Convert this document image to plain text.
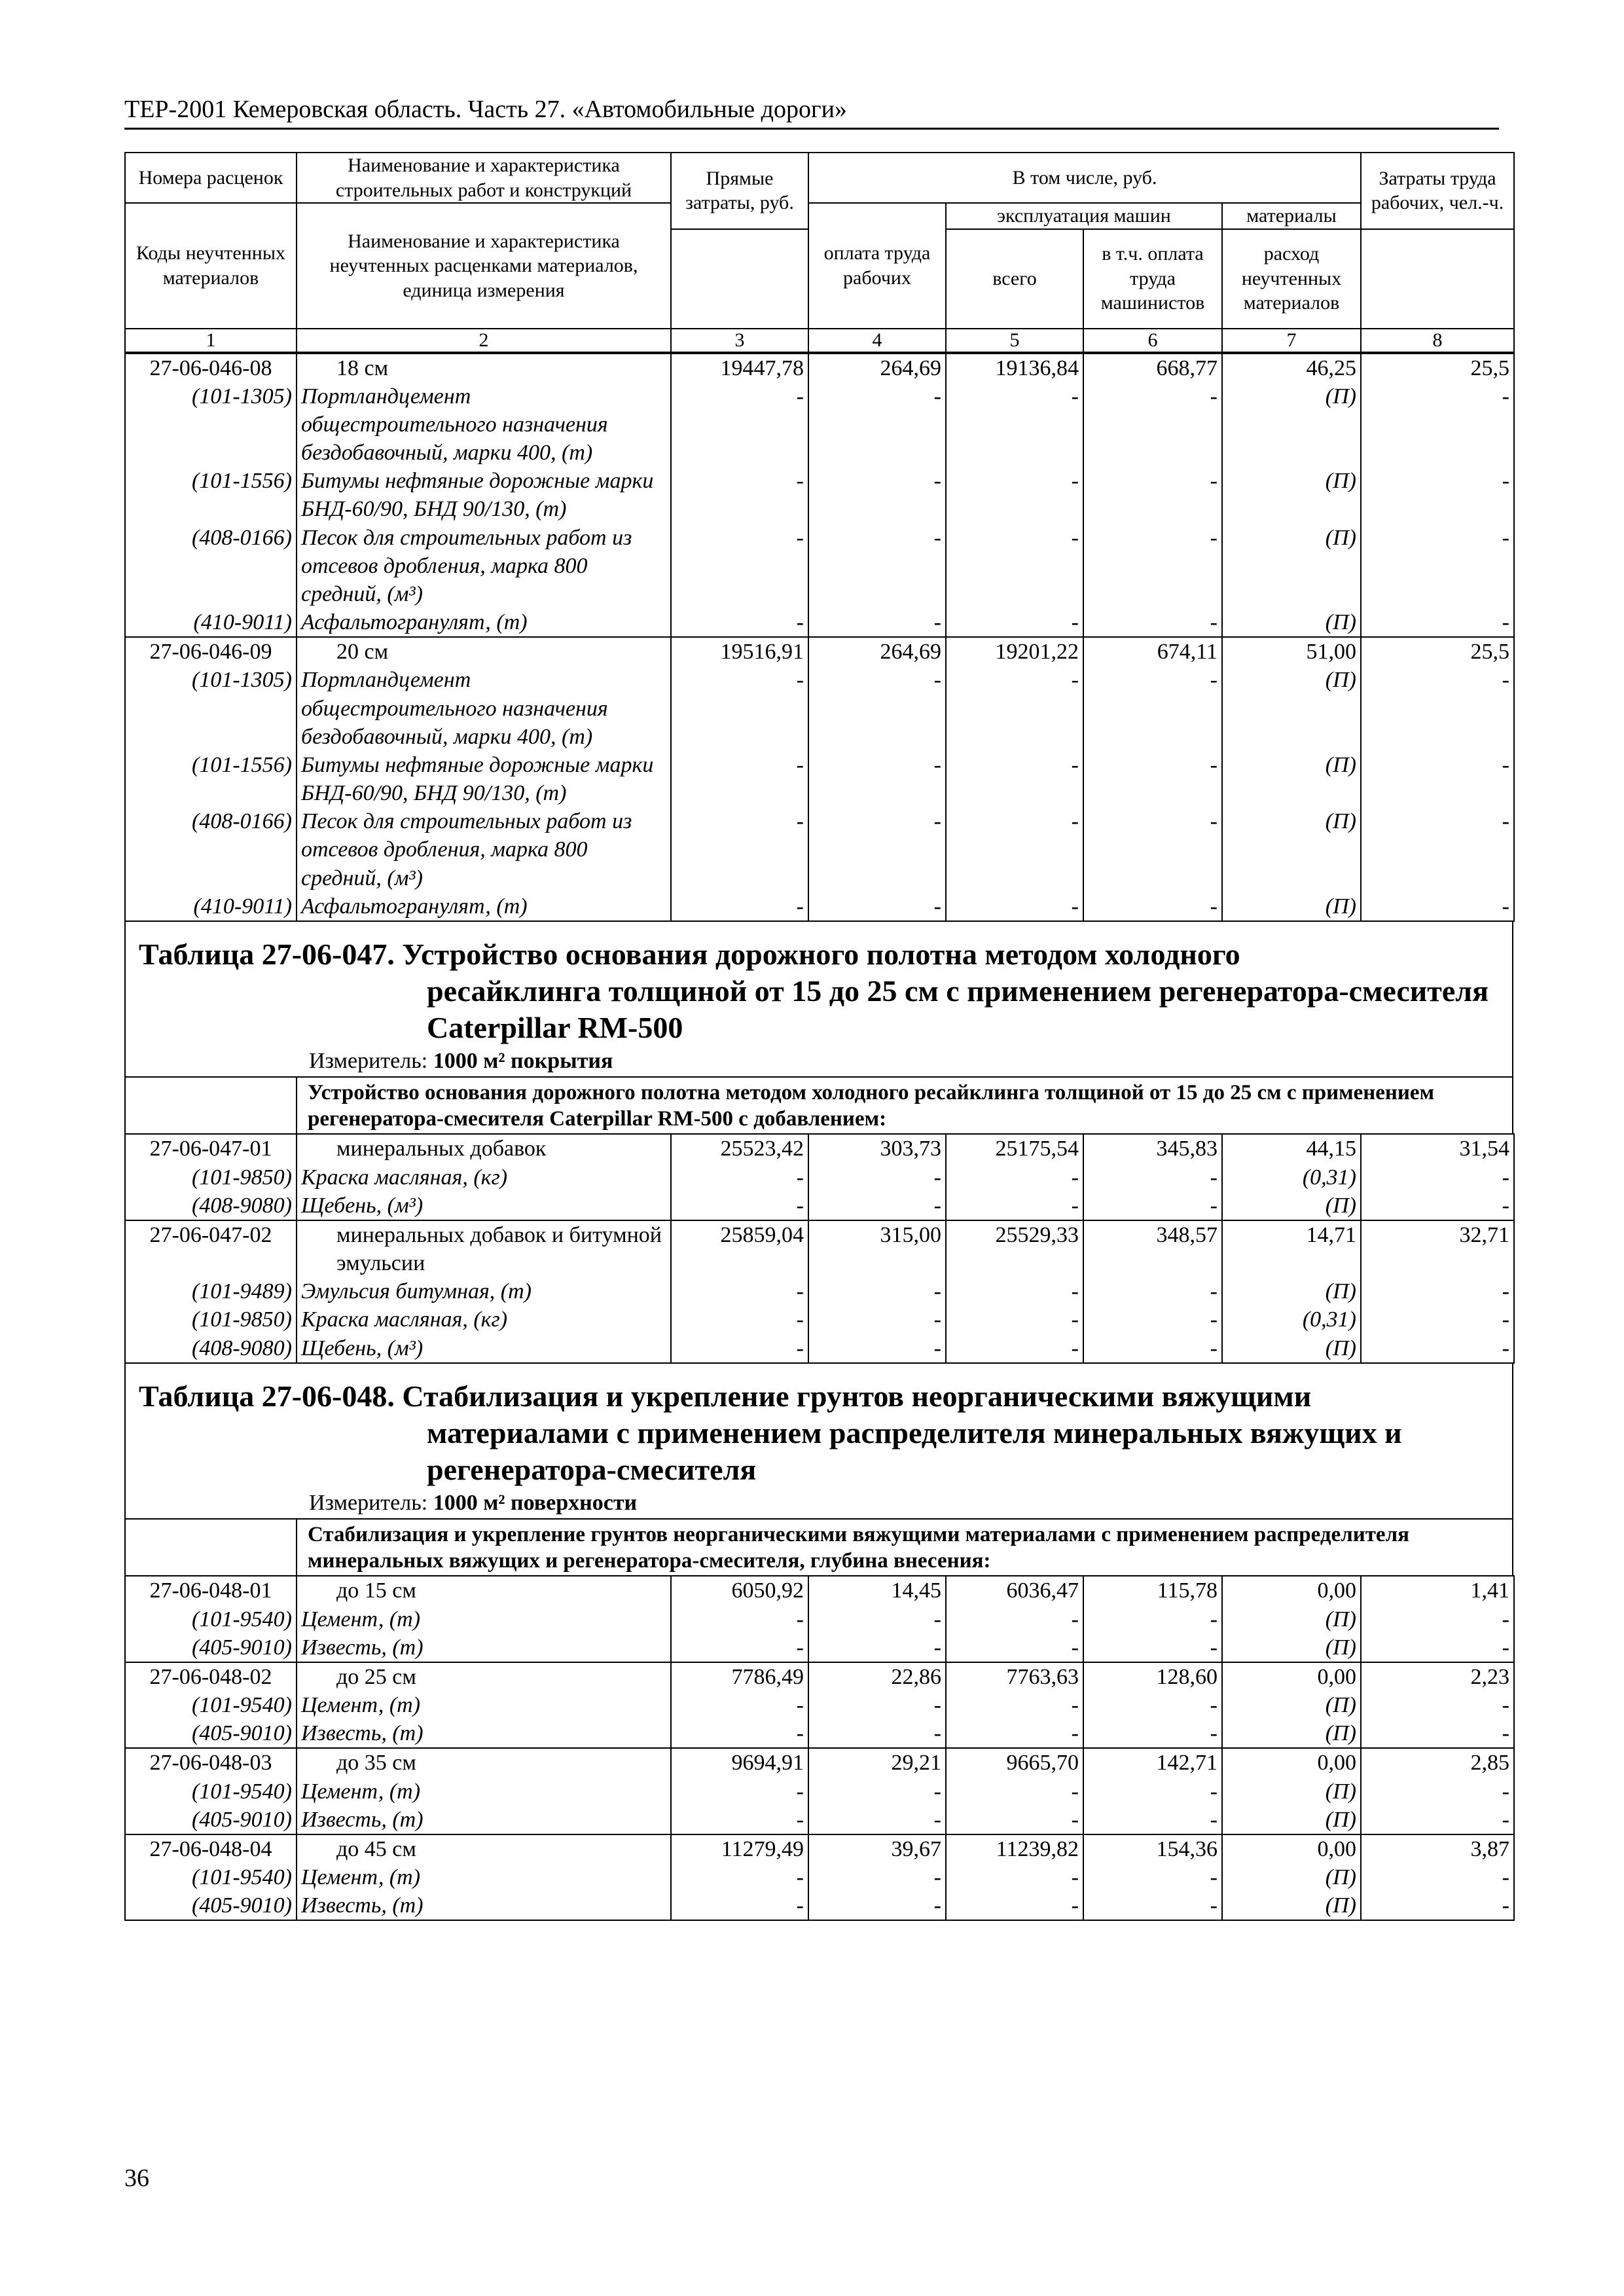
ТЕР-2001 Кемеровская область. Часть 27. «Автомобильные дороги»
Номера расценок	Наименование и характеристика строительных работ и конструкций	Прямые затраты, руб.	В том числе, руб.				Затраты труда рабочих, чел.-ч.
Коды неучтенных материалов	Наименование и характеристика неучтенных расценками материалов, единица измерения		оплата труда рабочих	эксплуатация машин		материалы	
				всего	в т.ч. оплата труда машинистов	расход неучтенных материалов	
1	2	3	4	5	6	7	8
27-06-046-08	18 см	19447,78	264,69	19136,84	668,77	46,25	25,5
(101-1305)	Портландцемент общестроительного назначения бездобавочный, марки 400, (т)	-	-	-	-	(П)	-
(101-1556)	Битумы нефтяные дорожные марки БНД-60/90, БНД 90/130, (т)	-	-	-	-	(П)	-
(408-0166)	Песок для строительных работ из отсевов дробления, марка 800 средний, (м³)	-	-	-	-	(П)	-
(410-9011)	Асфальтогранулят, (т)	-	-	-	-	(П)	-
27-06-046-09	20 см	19516,91	264,69	19201,22	674,11	51,00	25,5
(101-1305)	Портландцемент общестроительного назначения бездобавочный, марки 400, (т)	-	-	-	-	(П)	-
(101-1556)	Битумы нефтяные дорожные марки БНД-60/90, БНД 90/130, (т)	-	-	-	-	(П)	-
(408-0166)	Песок для строительных работ из отсевов дробления, марка 800 средний, (м³)	-	-	-	-	(П)	-
(410-9011)	Асфальтогранулят, (т)	-	-	-	-	(П)	-
Таблица 27-06-047. Устройство основания дорожного полотна методом холодного
ресайклинга толщиной от 15 до 25 см с применением регенератора-смесителя Caterpillar RM-500
Измеритель: 1000 м² покрытия
Устройство основания дорожного полотна методом холодного ресайклинга толщиной от 15 до 25 см с применением регенератора-смесителя Caterpillar RM-500 с добавлением:
27-06-047-01	минеральных добавок	25523,42	303,73	25175,54	345,83	44,15	31,54
(101-9850)	Краска масляная, (кг)	-	-	-	-	(0,31)	-
(408-9080)	Щебень, (м³)	-	-	-	-	(П)	-
27-06-047-02	минеральных добавок и битумной эмульсии	25859,04	315,00	25529,33	348,57	14,71	32,71
(101-9489)	Эмульсия битумная, (т)	-	-	-	-	(П)	-
(101-9850)	Краска масляная, (кг)	-	-	-	-	(0,31)	-
(408-9080)	Щебень, (м³)	-	-	-	-	(П)	-
Таблица 27-06-048. Стабилизация и укрепление грунтов неорганическими вяжущими
материалами с применением распределителя минеральных вяжущих и регенератора-смесителя
Измеритель: 1000 м² поверхности
Стабилизация и укрепление грунтов неорганическими вяжущими материалами с применением распределителя минеральных вяжущих и регенератора-смесителя, глубина внесения:
27-06-048-01	до 15 см	6050,92	14,45	6036,47	115,78	0,00	1,41
(101-9540)	Цемент, (т)	-	-	-	-	(П)	-
(405-9010)	Известь, (т)	-	-	-	-	(П)	-
27-06-048-02	до 25 см	7786,49	22,86	7763,63	128,60	0,00	2,23
(101-9540)	Цемент, (т)	-	-	-	-	(П)	-
(405-9010)	Известь, (т)	-	-	-	-	(П)	-
27-06-048-03	до 35 см	9694,91	29,21	9665,70	142,71	0,00	2,85
(101-9540)	Цемент, (т)	-	-	-	-	(П)	-
(405-9010)	Известь, (т)	-	-	-	-	(П)	-
27-06-048-04	до 45 см	11279,49	39,67	11239,82	154,36	0,00	3,87
(101-9540)	Цемент, (т)	-	-	-	-	(П)	-
(405-9010)	Известь, (т)	-	-	-	-	(П)	-
36
